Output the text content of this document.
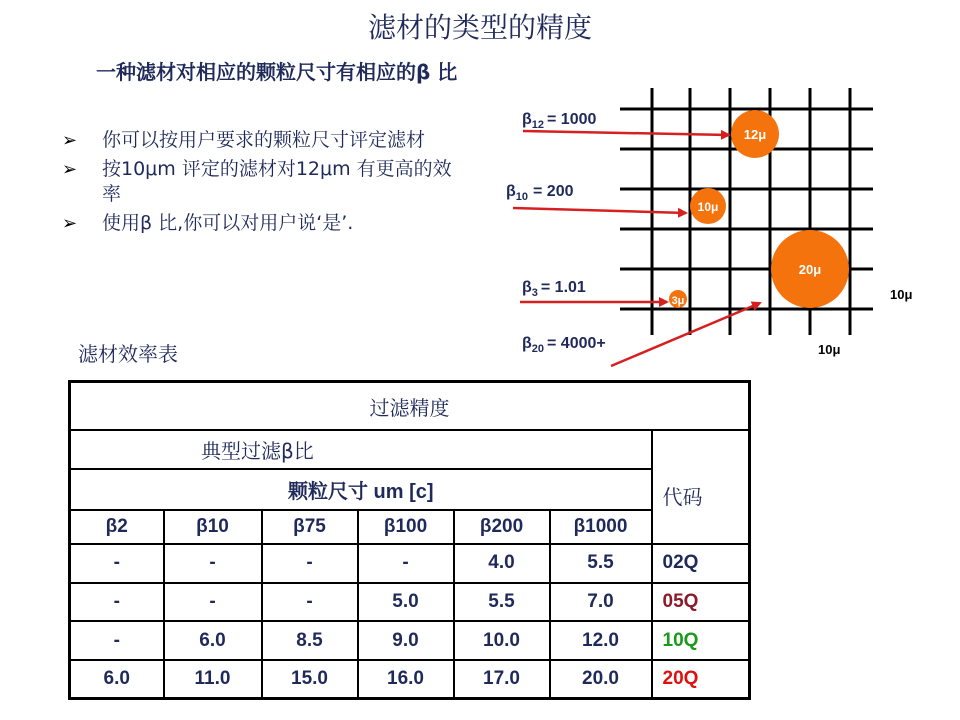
滤材的类型的精度
一种滤材对相应的颗粒尺寸有相应的β 比
➢ 你可以按用户要求的颗粒尺寸评定滤材
➢ 按10μm 评定的滤材对12μm 有更高的效率
➢ 使用β 比,你可以对用户说‘是’.
12μ
10μ
20μ
3μ
$\beta_{12} = 1000$
$\beta_{10} = 200$
$\beta_3 = 1.01$
$\beta_{20} = 4000+$
10μ
10μ
滤材效率表
过滤精度						
典型过滤β比						代码
颗粒尺寸 um [c]						
β2	β10	β75	β100	β200	β1000	
-	-	-	-	4.0	5.5	02Q
-	-	-	5.0	5.5	7.0	05Q
-	6.0	8.5	9.0	10.0	12.0	10Q
6.0	11.0	15.0	16.0	17.0	20.0	20Q
